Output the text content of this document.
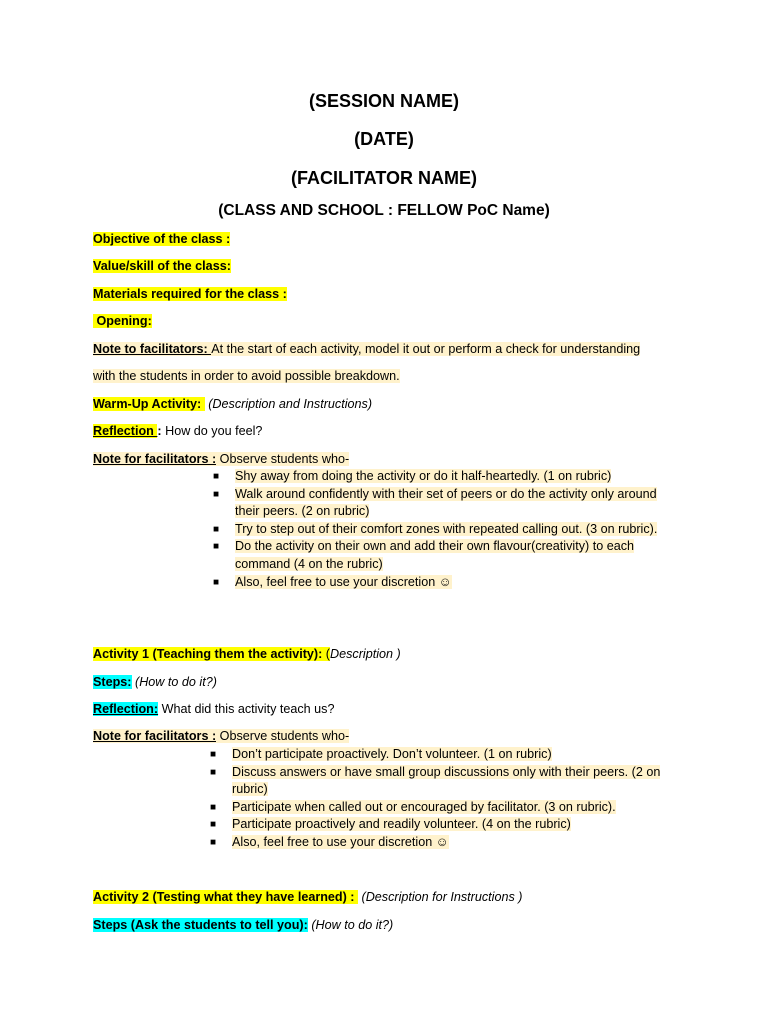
(SESSION NAME)
(DATE)
(FACILITATOR NAME)
(CLASS AND SCHOOL : FELLOW PoC Name)
Objective of the class :
Value/skill of the class:
Materials required for the class :
Opening:
Note to facilitators: At the start of each activity, model it out or perform a check for understanding
with the students in order to avoid possible breakdown.
Warm-Up Activity:  (Description and Instructions)
Reflection : How do you feel?
Note for facilitators : Observe students who-
■	Shy away from doing the activity or do it half-heartedly. (1 on rubric)
■	Walk around confidently with their set of peers or do the activity only around their peers. (2 on rubric)
■	Try to step out of their comfort zones with repeated calling out. (3 on rubric).
■	Do the activity on their own and add their own flavour(creativity) to each command (4 on the rubric)
■	Also, feel free to use your discretion ☺
Activity 1 (Teaching them the activity): (Description )
Steps: (How to do it?)
Reflection: What did this activity teach us?
Note for facilitators : Observe students who-
■	Don’t participate proactively. Don’t volunteer. (1 on rubric)
■	Discuss answers or have small group discussions only with their peers. (2 on rubric)
■	Participate when called out or encouraged by facilitator. (3 on rubric).
■	Participate proactively and readily volunteer. (4 on the rubric)
■	Also, feel free to use your discretion ☺
Activity 2 (Testing what they have learned) :  (Description for Instructions )
Steps (Ask the students to tell you): (How to do it?)
